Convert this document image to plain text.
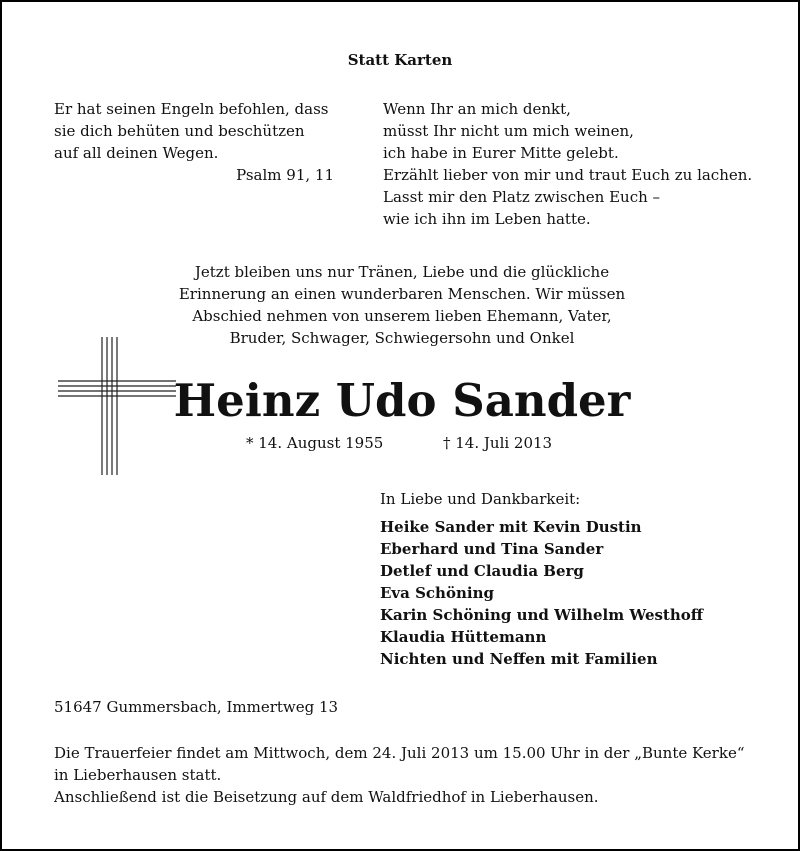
Statt Karten
Er hat seinen Engeln befohlen, dass
sie dich behüten und beschützen
auf all deinen Wegen.
Psalm 91, 11
Wenn Ihr an mich denkt,
müsst Ihr nicht um mich weinen,
ich habe in Eurer Mitte gelebt.
Erzählt lieber von mir und traut Euch zu lachen.
Lasst mir den Platz zwischen Euch –
wie ich ihn im Leben hatte.
Jetzt bleiben uns nur Tränen, Liebe und die glückliche
Erinnerung an einen wunderbaren Menschen. Wir müssen
Abschied nehmen von unserem lieben Ehemann, Vater,
Bruder, Schwager, Schwiegersohn und Onkel
Heinz Udo Sander
* 14. August 1955	† 14. Juli 2013
In Liebe und Dankbarkeit:
Heike Sander mit Kevin Dustin
Eberhard und Tina Sander
Detlef und Claudia Berg
Eva Schöning
Karin Schöning und Wilhelm Westhoff
Klaudia Hüttemann
Nichten und Neffen mit Familien
51647 Gummersbach, Immertweg 13
Die Trauerfeier findet am Mittwoch, dem 24. Juli 2013 um 15.00 Uhr in der „Bunte Kerke“
in Lieberhausen statt.
Anschließend ist die Beisetzung auf dem Waldfriedhof in Lieberhausen.
